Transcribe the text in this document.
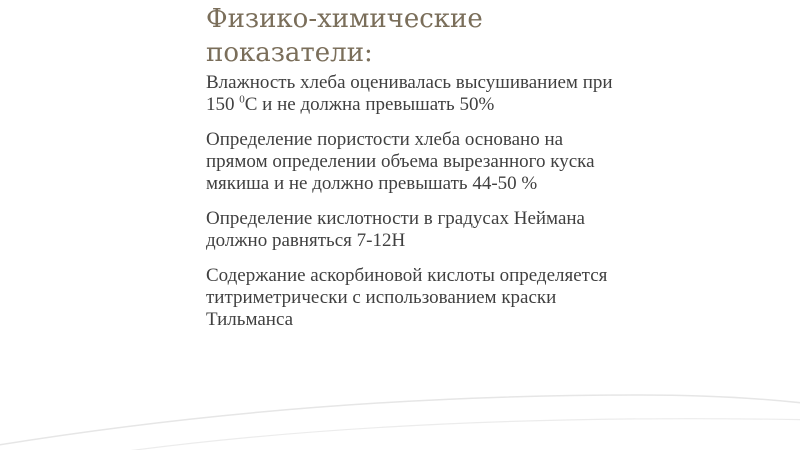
Физико-химические показатели:

Влажность хлеба оценивалась высушиванием при 150 $^0$С и не должна превышать 50%

Определение пористости хлеба основано на прямом определении объема вырезанного куска мякиша и не должно превышать 44-50 %

Определение кислотности в градусах Неймана должно равняться 7-12Н

Содержание аскорбиновой кислоты определяется титриметрически с использованием краски Тильманса
